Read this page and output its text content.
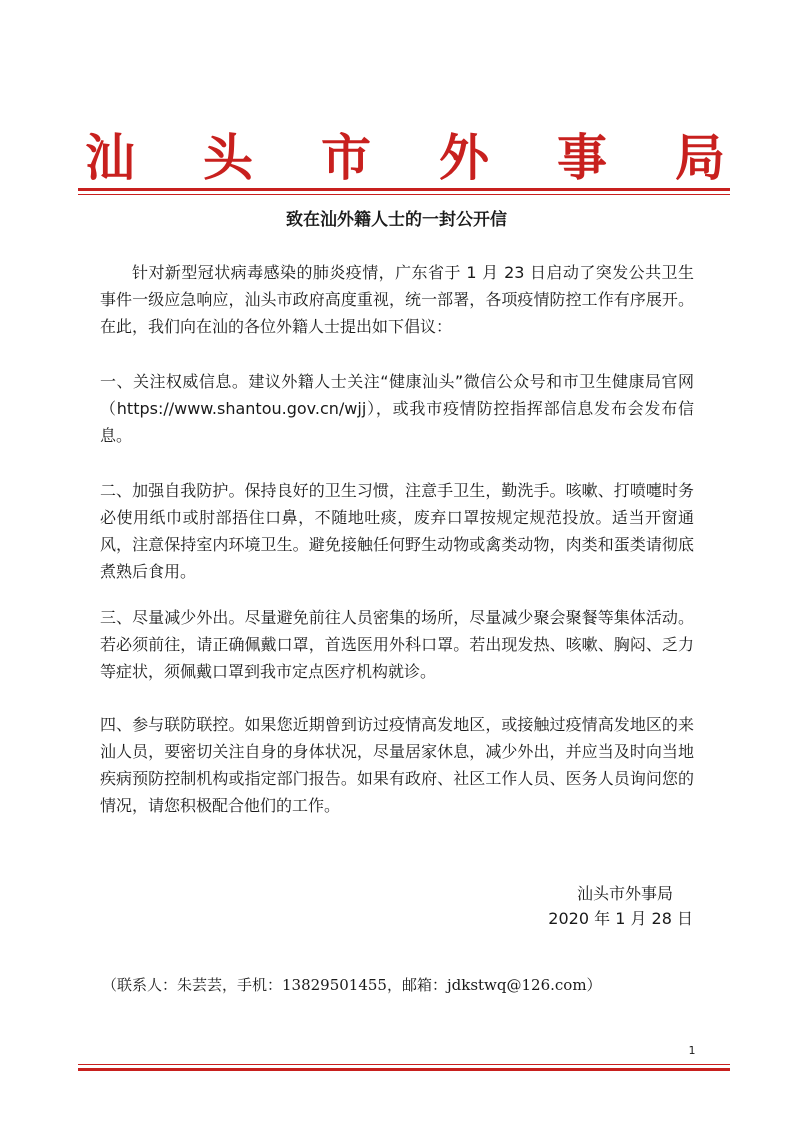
汕 头 市 外 事 局
致在汕外籍人士的一封公开信

针对新型冠状病毒感染的肺炎疫情，广东省于 1 月 23 日启动了突发公共卫生事件一级应急响应，汕头市政府高度重视，统一部署，各项疫情防控工作有序展开。在此，我们向在汕的各位外籍人士提出如下倡议：

一、关注权威信息。建议外籍人士关注“健康汕头”微信公众号和市卫生健康局官网（https://www.shantou.gov.cn/wjj），或我市疫情防控指挥部信息发布会发布信息。

二、加强自我防护。保持良好的卫生习惯，注意手卫生，勤洗手。咳嗽、打喷嚏时务必使用纸巾或肘部捂住口鼻，不随地吐痰，废弃口罩按规定规范投放。适当开窗通风，注意保持室内环境卫生。避免接触任何野生动物或禽类动物，肉类和蛋类请彻底煮熟后食用。

三、尽量减少外出。尽量避免前往人员密集的场所，尽量减少聚会聚餐等集体活动。若必须前往，请正确佩戴口罩，首选医用外科口罩。若出现发热、咳嗽、胸闷、乏力等症状，须佩戴口罩到我市定点医疗机构就诊。

四、参与联防联控。如果您近期曾到访过疫情高发地区，或接触过疫情高发地区的来汕人员，要密切关注自身的身体状况，尽量居家休息，减少外出，并应当及时向当地疾病预防控制机构或指定部门报告。如果有政府、社区工作人员、医务人员询问您的情况，请您积极配合他们的工作。

汕头市外事局
2020 年 1 月 28 日
（联系人：朱芸芸，手机：13829501455，邮箱：jdkstwq@126.com）
1
